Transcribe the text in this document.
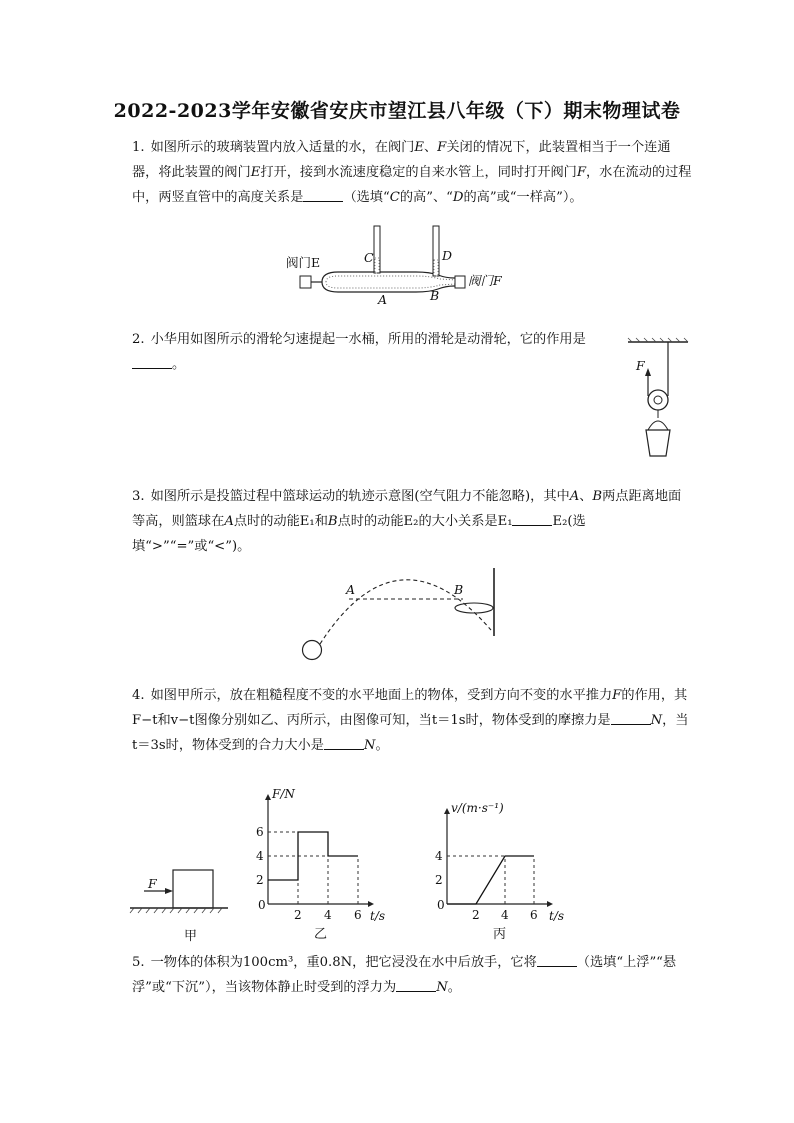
2022-2023学年安徽省安庆市望江县八年级（下）期末物理试卷
1. 如图所示的玻璃装置内放入适量的水，在阀门E、F关闭的情况下，此装置相当于一个连通器，将此装置的阀门E打开，接到水流速度稳定的自来水管上，同时打开阀门F，水在流动的过程中，两竖直管中的高度关系是	（选填“C的高”、“D的高”或“一样高”）。
阀门E
阀门F
C	D
A	B
2. 小华用如图所示的滑轮匀速提起一水桶，所用的滑轮是动滑轮，它的作用是。	F
3. 如图所示是投篮过程中篮球运动的轨迹示意图(空气阻力不能忽略)，其中A、B两点距离地面等高，则篮球在A点时的动能E₁和B点时的动能E₂的大小关系是E₁	E₂(选填“>”“=”或“<”)。
A	B
4. 如图甲所示，放在粗糙程度不变的水平地面上的物体，受到方向不变的水平推力F的作用，其F−t和v−t图像分别如乙、丙所示，由图像可知，当t＝1s时，物体受到的摩擦力是	N，当t＝3s时，物体受到的合力大小是	N。
F
甲
F/N
t/s
0
2 4 6
2
4
6
乙
v/(m·s⁻¹)
t/s
0
2 4 6
2
4
丙
5. 一物体的体积为100cm³，重0.8N，把它浸没在水中后放手，它将	（选填“上浮”“悬浮”或“下沉”），当该物体静止时受到的浮力为	N。
